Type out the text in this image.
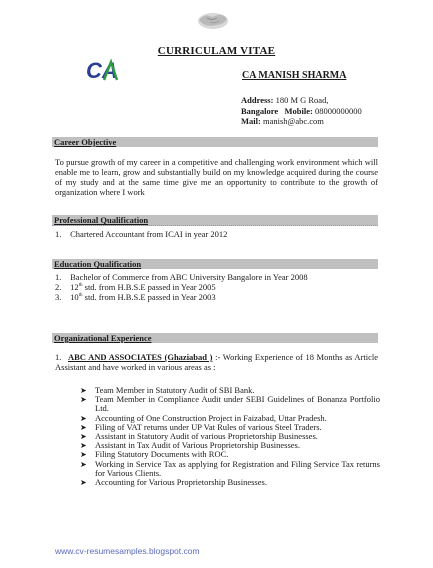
CURRICULAM VITAE
CA	CA MANISH SHARMA
Address: 180 M G Road,
Bangalore Mobile: 08000000000
Mail: manish@abc.com
Career Objective
To pursue growth of my career in a competitive and challenging work environment which will enable me to learn, grow and substantially build on my knowledge acquired during the course of my study and at the same time give me an opportunity to contribute to the growth of organization where I work
Professional Qualification
1. Chartered Accountant from ICAI in year 2012
Education Qualification
1. Bachelor of Commerce from ABC University Bangalore in Year 2008
2. 12th std. from H.B.S.E passed in Year 2005
3. 10th std. from H.B.S.E passed in Year 2003
Organizational Experience
1. ABC AND ASSOCIATES (Ghaziabad ) :- Working Experience of 18 Months as Article Assistant and have worked in various areas as :
➤ Team Member in Statutory Audit of SBI Bank.
➤ Team Member in Compliance Audit under SEBI Guidelines of Bonanza Portfolio Ltd.
➤ Accounting of One Construction Project in Faizabad, Uttar Pradesh.
➤ Filing of VAT returns under UP Vat Rules of various Steel Traders.
➤ Assistant in Statutory Audit of various Proprietorship Businesses.
➤ Assistant in Tax Audit of Various Proprietorship Businesses.
➤ Filing Statutory Documents with ROC.
➤ Working in Service Tax as applying for Registration and Filing Service Tax returns for Various Clients.
➤ Accounting for Various Proprietorship Businesses.
www.cv-resumesamples.blogspot.com
